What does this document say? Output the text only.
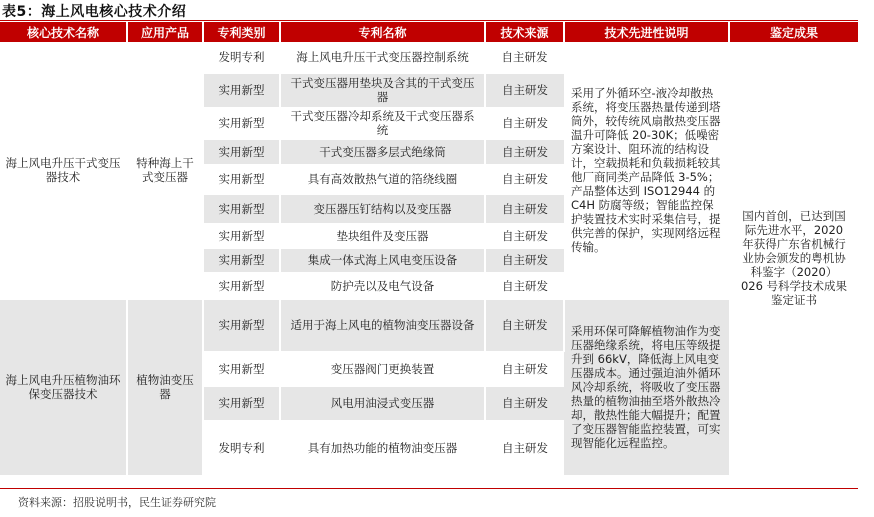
表5：海上风电核心技术介绍
核心技术名称	应用产品	专利类别	专利名称	技术来源	技术先进性说明	鉴定成果
海上风电升压干式变压器技术	特种海上干式变压器	发明专利	海上风电升压干式变压器控制系统	自主研发	采用了外循环空-液冷却散热系统，将变压器热量传递到塔筒外，较传统风扇散热变压器温升可降低 20-30K；低噪密方案设计、阻环流的结构设计，空载损耗和负载损耗较其他厂商同类产品降低 3-5%；产品整体达到 ISO12944 的 C4H 防腐等级；智能监控保护装置技术实时采集信号，提供完善的保护，实现网络远程传输。	国内首创，已达到国际先进水平，2020 年获得广东省机械行业协会颁发的粤机协科鉴字（2020）026 号科学技术成果鉴定证书
		实用新型	干式变压器用垫块及含其的干式变压器	自主研发		
		实用新型	干式变压器冷却系统及干式变压器系统	自主研发		
		实用新型	干式变压器多层式绝缘筒	自主研发		
		实用新型	具有高效散热气道的箔绕线圈	自主研发		
		实用新型	变压器压钉结构以及变压器	自主研发		
		实用新型	垫块组件及变压器	自主研发		
		实用新型	集成一体式海上风电变压设备	自主研发		
		实用新型	防护壳以及电气设备	自主研发		
海上风电升压植物油环保变压器技术	植物油变压器	实用新型	适用于海上风电的植物油变压器设备	自主研发	采用环保可降解植物油作为变压器绝缘系统，将电压等级提升到 66kV，降低海上风电变压器成本。通过强迫油外循环风冷却系统，将吸收了变压器热量的植物油抽至塔外散热冷却，散热性能大幅提升；配置了变压器智能监控装置，可实现智能化远程监控。	
		实用新型	变压器阀门更换装置	自主研发		
		实用新型	风电用油浸式变压器	自主研发		
		发明专利	具有加热功能的植物油变压器	自主研发		
资料来源：招股说明书，民生证券研究院
